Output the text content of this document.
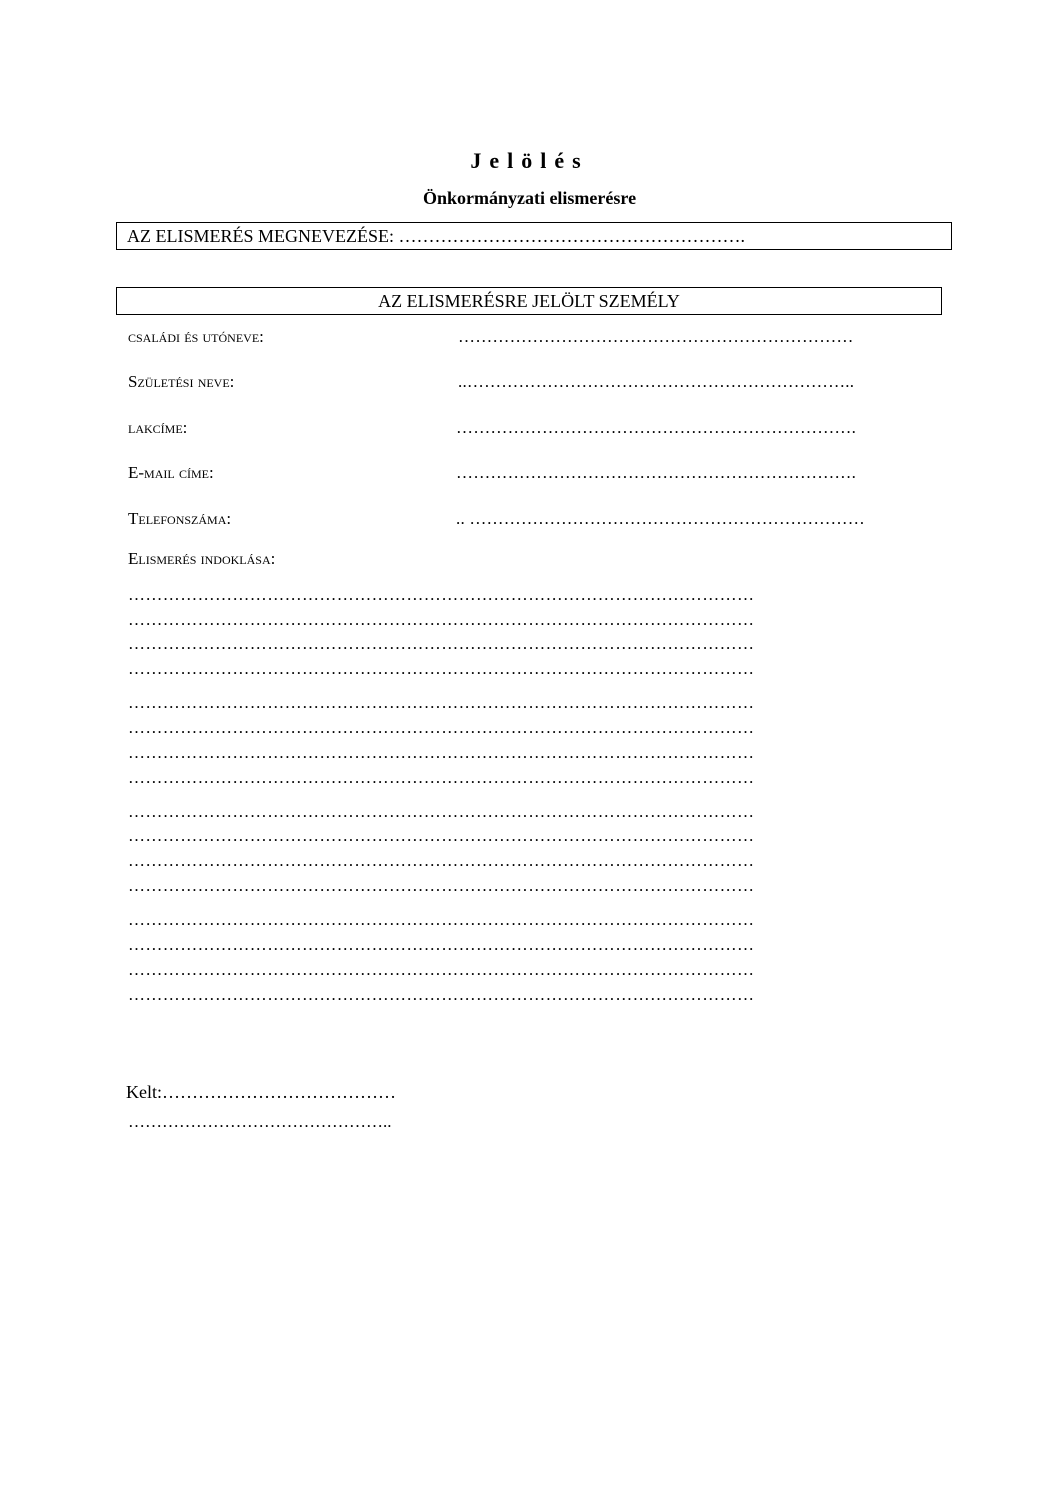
Jelölés
Önkormányzati elismerésre
AZ ELISMERÉS MEGNEVEZÉSE: ………………………………………………….
AZ ELISMERÉSRE JELÖLT SZEMÉLY
családi és utóneve:	……………………………………………………………
Születési neve:	..…………………………………………………………..
lakcíme:	…………………………………………………………….
E-mail címe:	…………………………………………………………….
Telefonszáma:	.. ……………………………………………………………
Elismerés indoklása:
………………………………………………………………………………………………
………………………………………………………………………………………………
………………………………………………………………………………………………
………………………………………………………………………………………………
………………………………………………………………………………………………
………………………………………………………………………………………………
………………………………………………………………………………………………
………………………………………………………………………………………………
………………………………………………………………………………………………
………………………………………………………………………………………………
………………………………………………………………………………………………
………………………………………………………………………………………………
………………………………………………………………………………………………
………………………………………………………………………………………………
………………………………………………………………………………………………
………………………………………………………………………………………………
Kelt:…………………………………
………………………………………..
